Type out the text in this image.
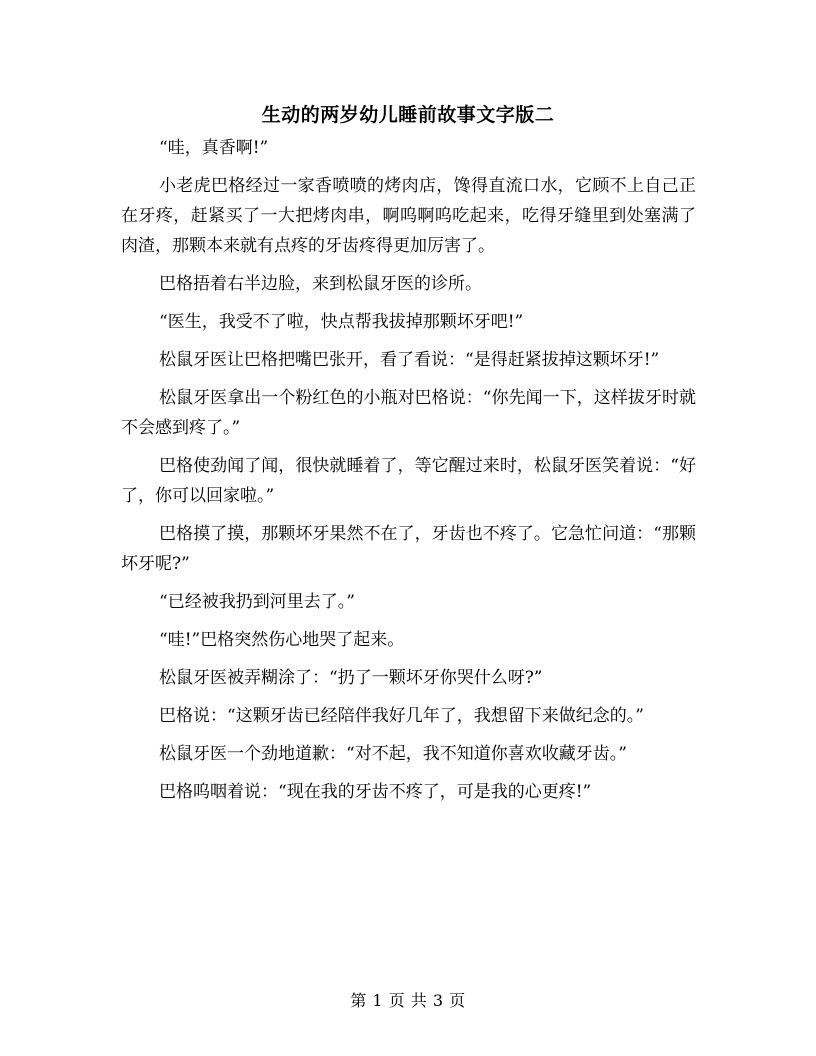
生动的两岁幼儿睡前故事文字版二

“哇，真香啊!”

小老虎巴格经过一家香喷喷的烤肉店，馋得直流口水，它顾不上自己正在牙疼，赶紧买了一大把烤肉串，啊呜啊呜吃起来，吃得牙缝里到处塞满了肉渣，那颗本来就有点疼的牙齿疼得更加厉害了。

巴格捂着右半边脸，来到松鼠牙医的诊所。

“医生，我受不了啦，快点帮我拔掉那颗坏牙吧!”

松鼠牙医让巴格把嘴巴张开，看了看说：“是得赶紧拔掉这颗坏牙!”

松鼠牙医拿出一个粉红色的小瓶对巴格说：“你先闻一下，这样拔牙时就不会感到疼了。”

巴格使劲闻了闻，很快就睡着了，等它醒过来时，松鼠牙医笑着说：“好了，你可以回家啦。”

巴格摸了摸，那颗坏牙果然不在了，牙齿也不疼了。它急忙问道：“那颗坏牙呢?”

“已经被我扔到河里去了。”

“哇!”巴格突然伤心地哭了起来。

松鼠牙医被弄糊涂了：“扔了一颗坏牙你哭什么呀?”

巴格说：“这颗牙齿已经陪伴我好几年了，我想留下来做纪念的。”

松鼠牙医一个劲地道歉：“对不起，我不知道你喜欢收藏牙齿。”

巴格呜咽着说：“现在我的牙齿不疼了，可是我的心更疼!”

第 1 页 共 3 页
